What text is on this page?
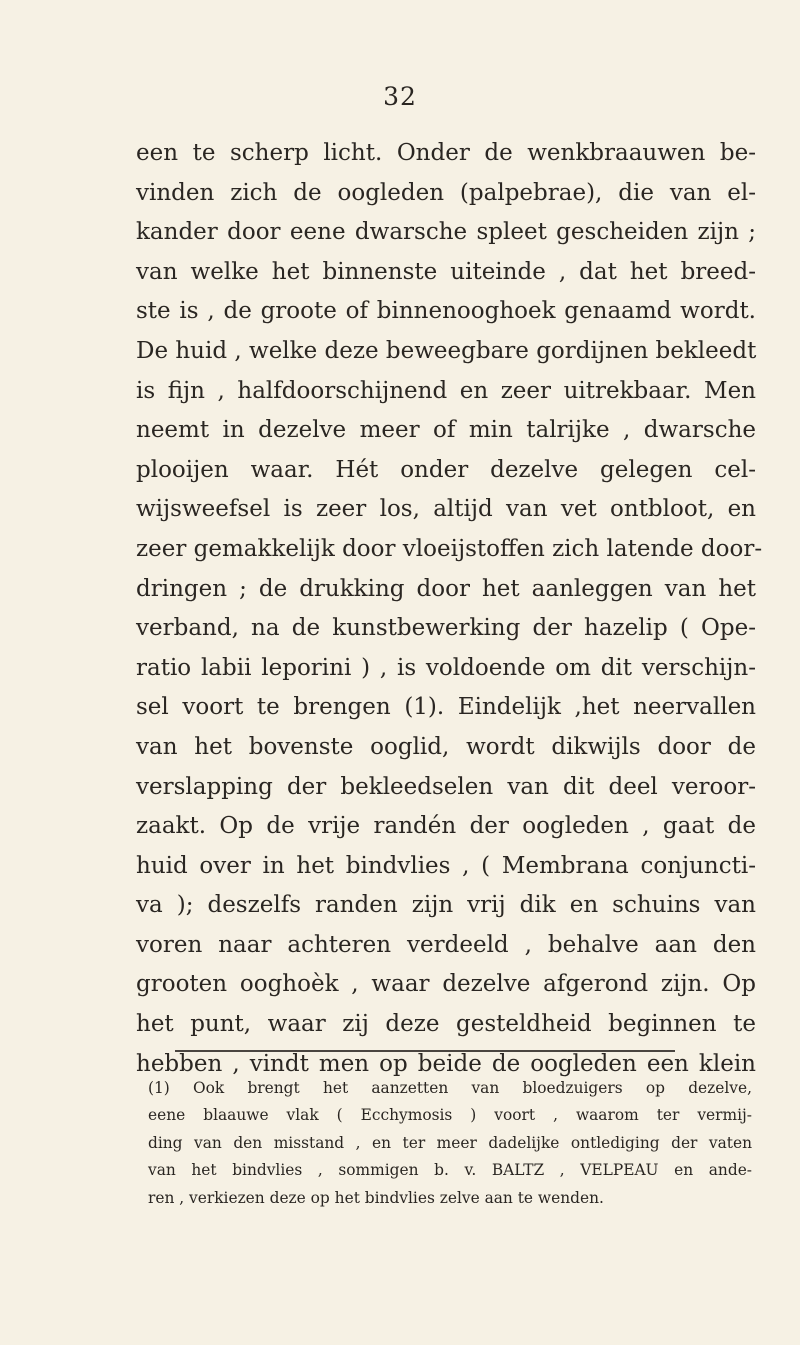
32
een te scherp licht. Onder de wenkbraauwen be-
vinden zich de oogleden (palpebrae), die van el-
kander door eene dwarsche spleet gescheiden zijn ;
van welke het binnenste uiteinde , dat het breed-
ste is , de groote of binnenooghoek genaamd wordt.
De huid , welke deze beweegbare gordijnen bekleedt
is fijn , halfdoorschijnend en zeer uitrekbaar. Men
neemt in dezelve meer of min talrijke , dwarsche
plooijen waar. Hét onder dezelve gelegen cel-
wijsweefsel is zeer los, altijd van vet ontbloot, en
zeer gemakkelijk door vloeijstoffen zich latende door-
dringen ; de drukking door het aanleggen van het
verband, na de kunstbewerking der hazelip ( Ope-
ratio labii leporini ) , is voldoende om dit verschijn-
sel voort te brengen (1). Eindelijk ,het neervallen
van het bovenste ooglid, wordt dikwijls door de
verslapping der bekleedselen van dit deel veroor-
zaakt. Op de vrije randén der oogleden , gaat de
huid over in het bindvlies , ( Membrana conjuncti-
va ); deszelfs randen zijn vrij dik en schuins van
voren naar achteren verdeeld , behalve aan den
grooten ooghoèk , waar dezelve afgerond zijn. Op
het punt, waar zij deze gesteldheid beginnen te
hebben , vindt men op beide de oogleden een klein
(1) Ook brengt het aanzetten van bloedzuigers op dezelve,
eene blaauwe vlak ( Ecchymosis ) voort , waarom ter vermij-
ding van den misstand , en ter meer dadelijke ontlediging der vaten
van het bindvlies , sommigen b. v. BALTZ , VELPEAU en ande-
ren , verkiezen deze op het bindvlies zelve aan te wenden.
